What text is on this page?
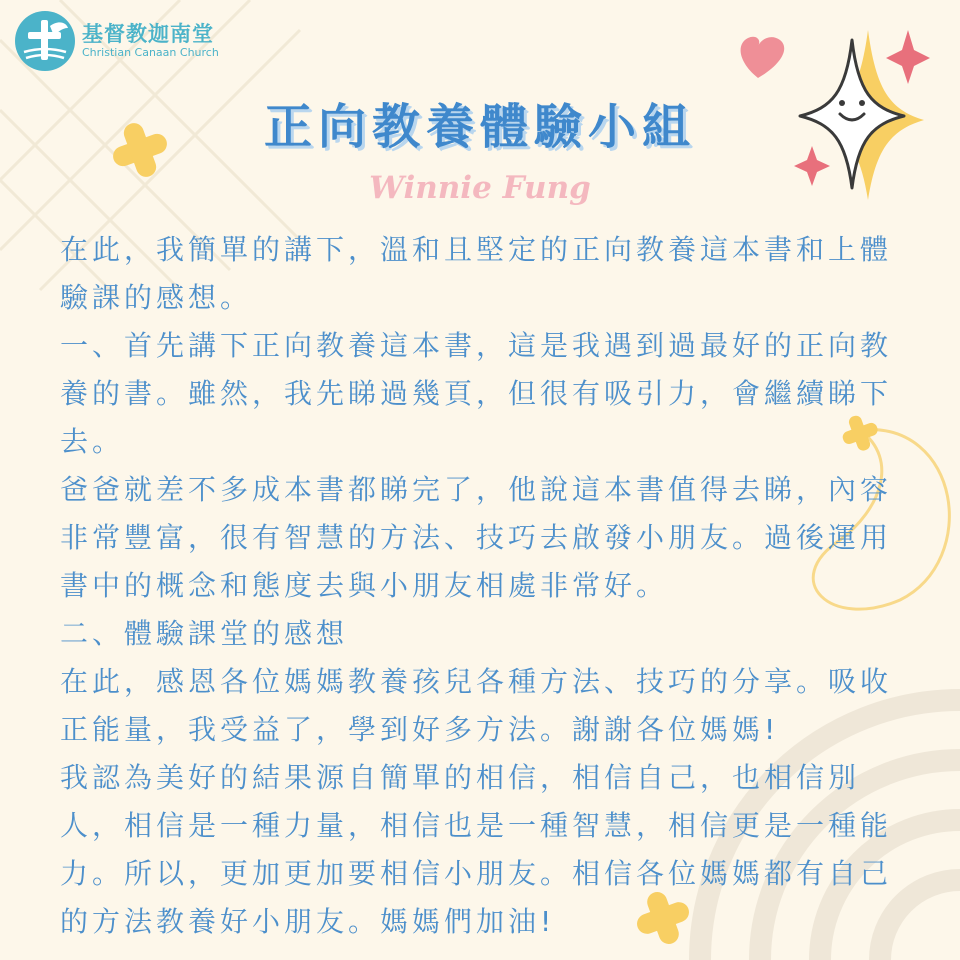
基督教迦南堂
Christian Canaan Church
正向教養體驗小組
Winnie Fung
在此，我簡單的講下，溫和且堅定的正向教養這本書和上體驗課的感想。
一、首先講下正向教養這本書，這是我遇到過最好的正向教養的書。雖然，我先睇過幾頁，但很有吸引力，會繼續睇下去。
爸爸就差不多成本書都睇完了，他說這本書值得去睇，內容非常豐富，很有智慧的方法、技巧去啟發小朋友。過後運用書中的概念和態度去與小朋友相處非常好。
二、體驗課堂的感想
在此，感恩各位媽媽教養孩兒各種方法、技巧的分享。吸收正能量，我受益了，學到好多方法。謝謝各位媽媽!
我認為美好的結果源自簡單的相信，相信自己，也相信別人，相信是一種力量，相信也是一種智慧，相信更是一種能力。所以，更加更加要相信小朋友。相信各位媽媽都有自己的方法教養好小朋友。媽媽們加油!
